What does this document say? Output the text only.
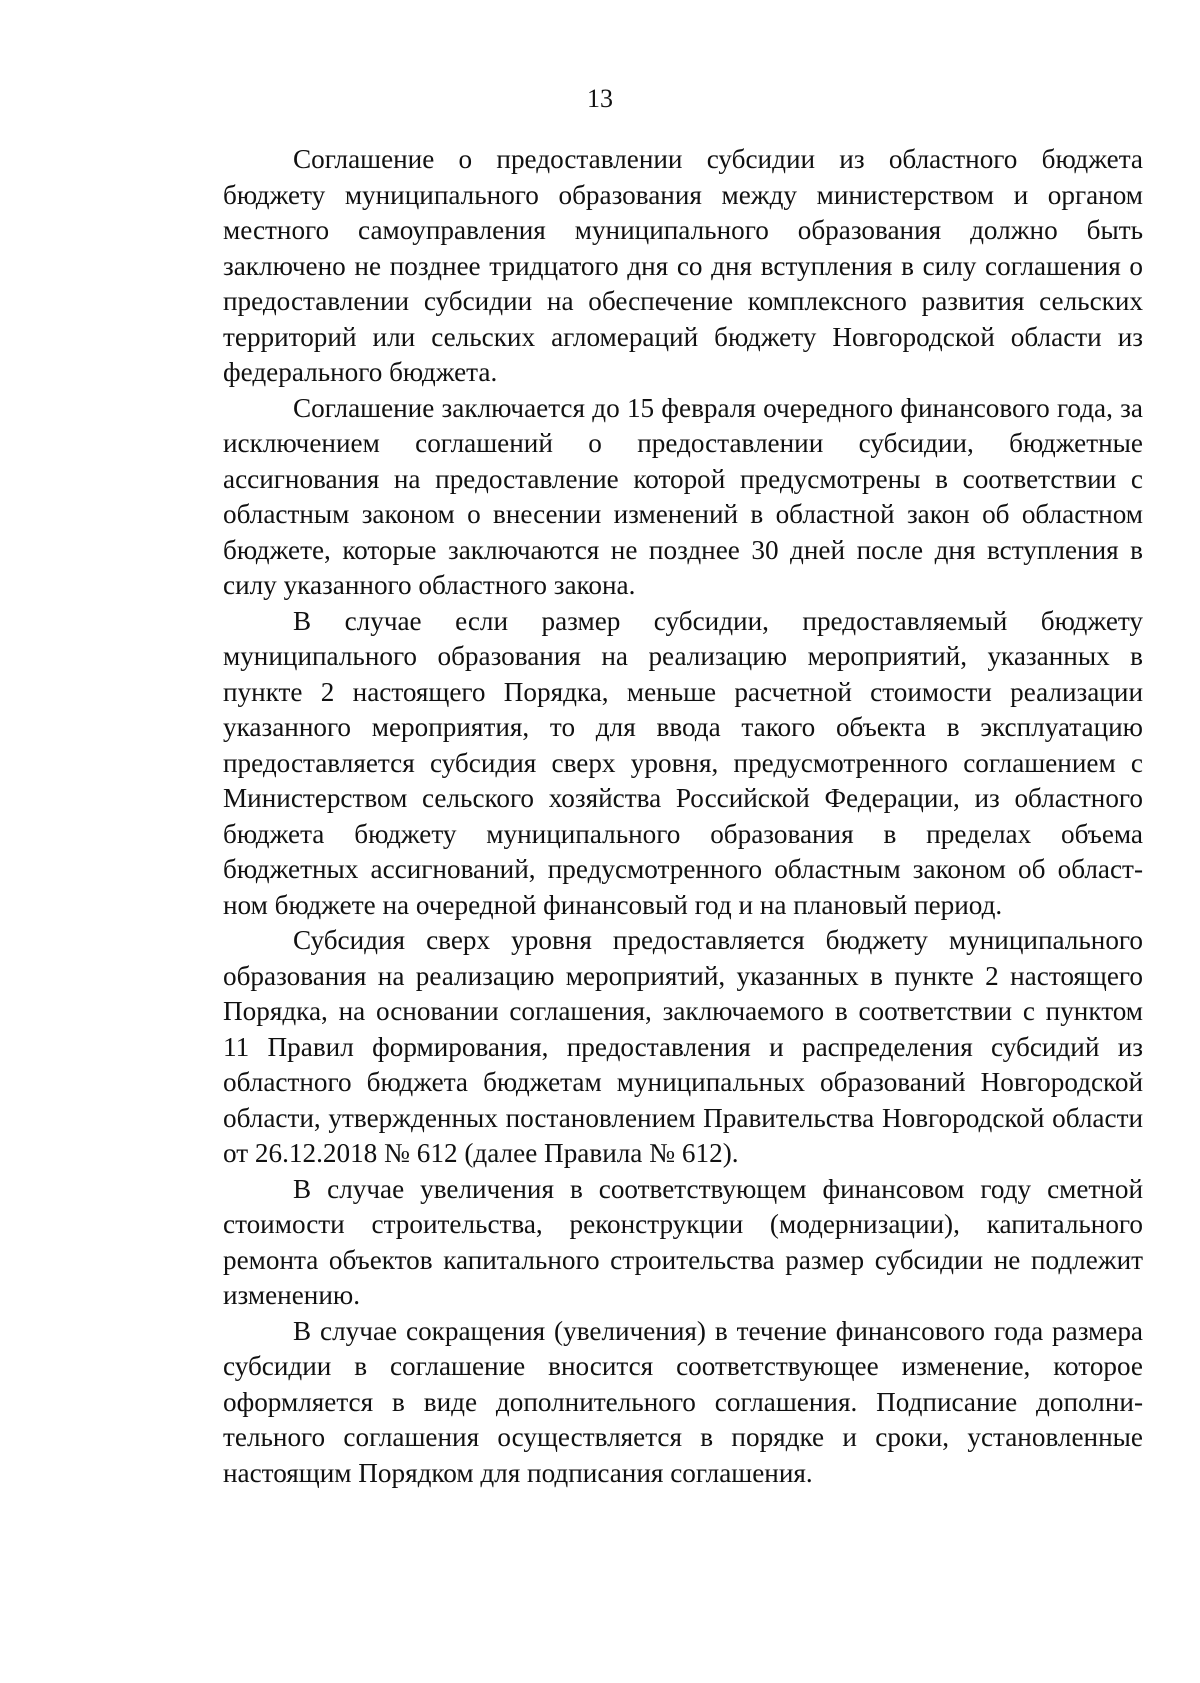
13

Соглашение о предоставлении субсидии из областного бюджета бюджету муниципального образования между министерством и органом местного самоуправления муниципального образования должно быть заключено не позднее тридцатого дня со дня вступления в силу соглашения о предоставлении субсидии на обеспечение комплексного развития сельских территорий или сельских агломераций бюджету Новгородской области из федерального бюджета.

Соглашение заключается до 15 февраля очередного финансового года, за исключением соглашений о предоставлении субсидии, бюджетные ассигнования на предоставление которой предусмотрены в соответствии с областным законом о внесении изменений в областной закон об областном бюджете, которые заключаются не позднее 30 дней после дня вступления в силу указанного областного закона.

В случае если размер субсидии, предоставляемый бюджету муниципального образования на реализацию мероприятий, указанных в пункте 2 настоящего Порядка, меньше расчетной стоимости реализации указанного мероприятия, то для ввода такого объекта в эксплуатацию предоставляется субсидия сверх уровня, предусмотренного соглашением с Министерством сельского хозяйства Российской Федерации, из областного бюджета бюджету муниципального образования в пределах объема бюджетных ассигнований, предусмотренного областным законом об областном бюджете на очередной финансовый год и на плановый период.

Субсидия сверх уровня предоставляется бюджету муниципального образования на реализацию мероприятий, указанных в пункте 2 настоящего Порядка, на основании соглашения, заключаемого в соответствии с пунктом 11 Правил формирования, предоставления и распределения субсидий из областного бюджета бюджетам муниципальных образований Новгородской области, утвержденных постановлением Правительства Новгородской области от 26.12.2018 № 612 (далее Правила № 612).

В случае увеличения в соответствующем финансовом году сметной стоимости строительства, реконструкции (модернизации), капитального ремонта объектов капитального строительства размер субсидии не подлежит изменению.

В случае сокращения (увеличения) в течение финансового года размера субсидии в соглашение вносится соответствующее изменение, которое оформляется в виде дополнительного соглашения. Подписание дополнительного соглашения осуществляется в порядке и сроки, установленные настоящим Порядком для подписания соглашения.
